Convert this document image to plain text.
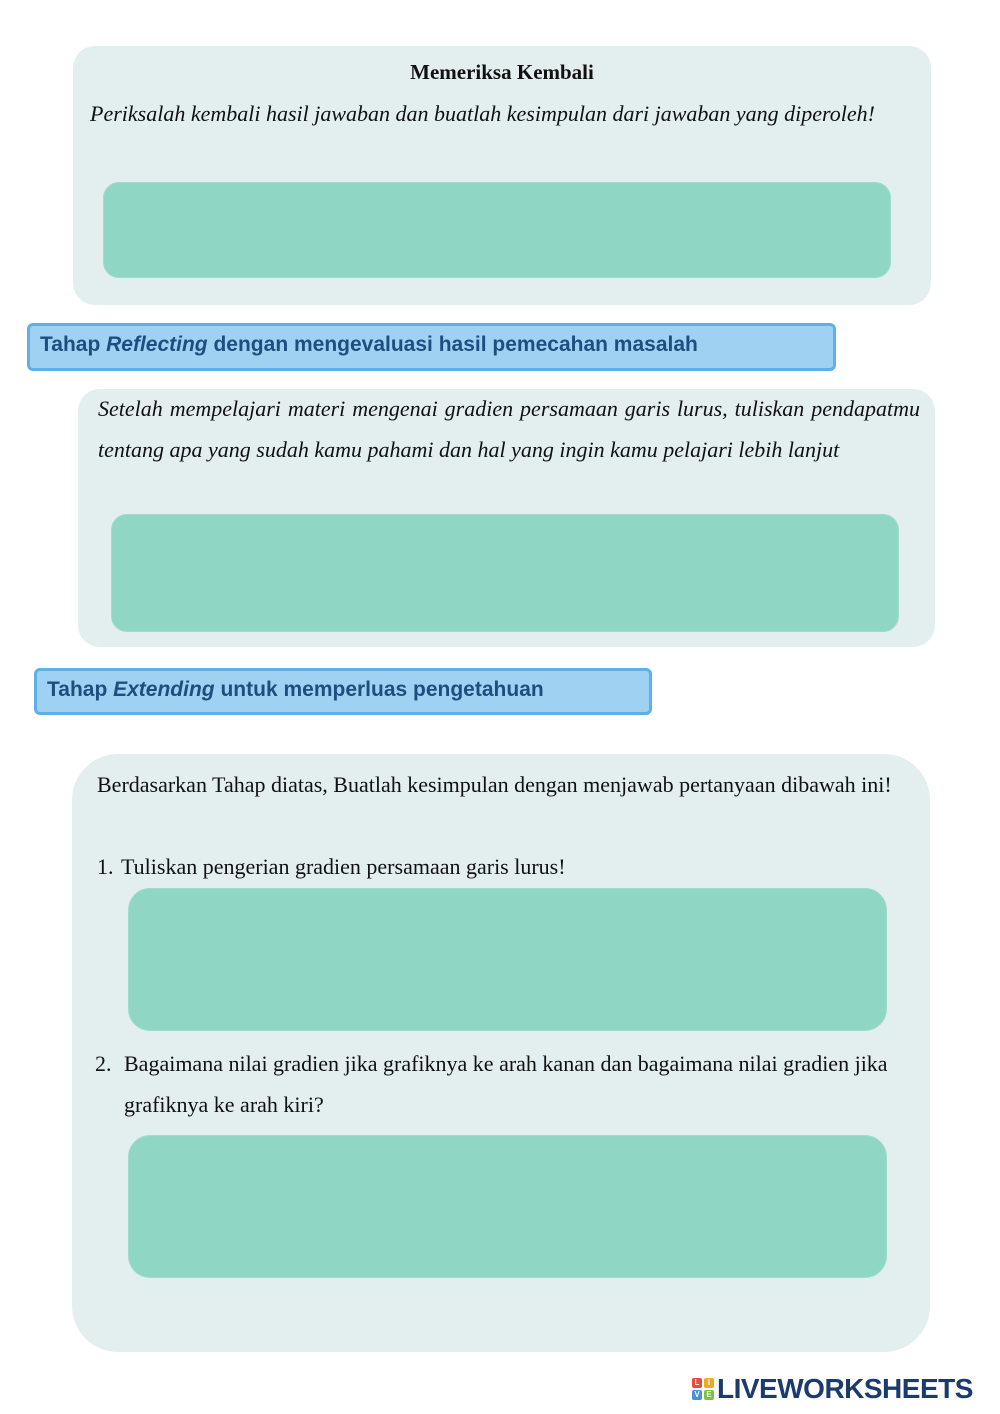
Memeriksa Kembali
Periksalah kembali hasil jawaban dan buatlah kesimpulan dari jawaban yang diperoleh!
Tahap Reflecting dengan mengevaluasi hasil pemecahan masalah
Setelah mempelajari materi mengenai gradien persamaan garis lurus, tuliskan pendapatmu tentang apa yang sudah kamu pahami dan hal yang ingin kamu pelajari lebih lanjut
Tahap Extending untuk memperluas pengetahuan
Berdasarkan Tahap diatas, Buatlah kesimpulan dengan menjawab pertanyaan dibawah ini!
1. Tuliskan pengerian gradien persamaan garis lurus!
2. Bagaimana nilai gradien jika grafiknya ke arah kanan dan bagaimana nilai gradien jika grafiknya ke arah kiri?
L	I
V E LIVEWORKSHEETS
